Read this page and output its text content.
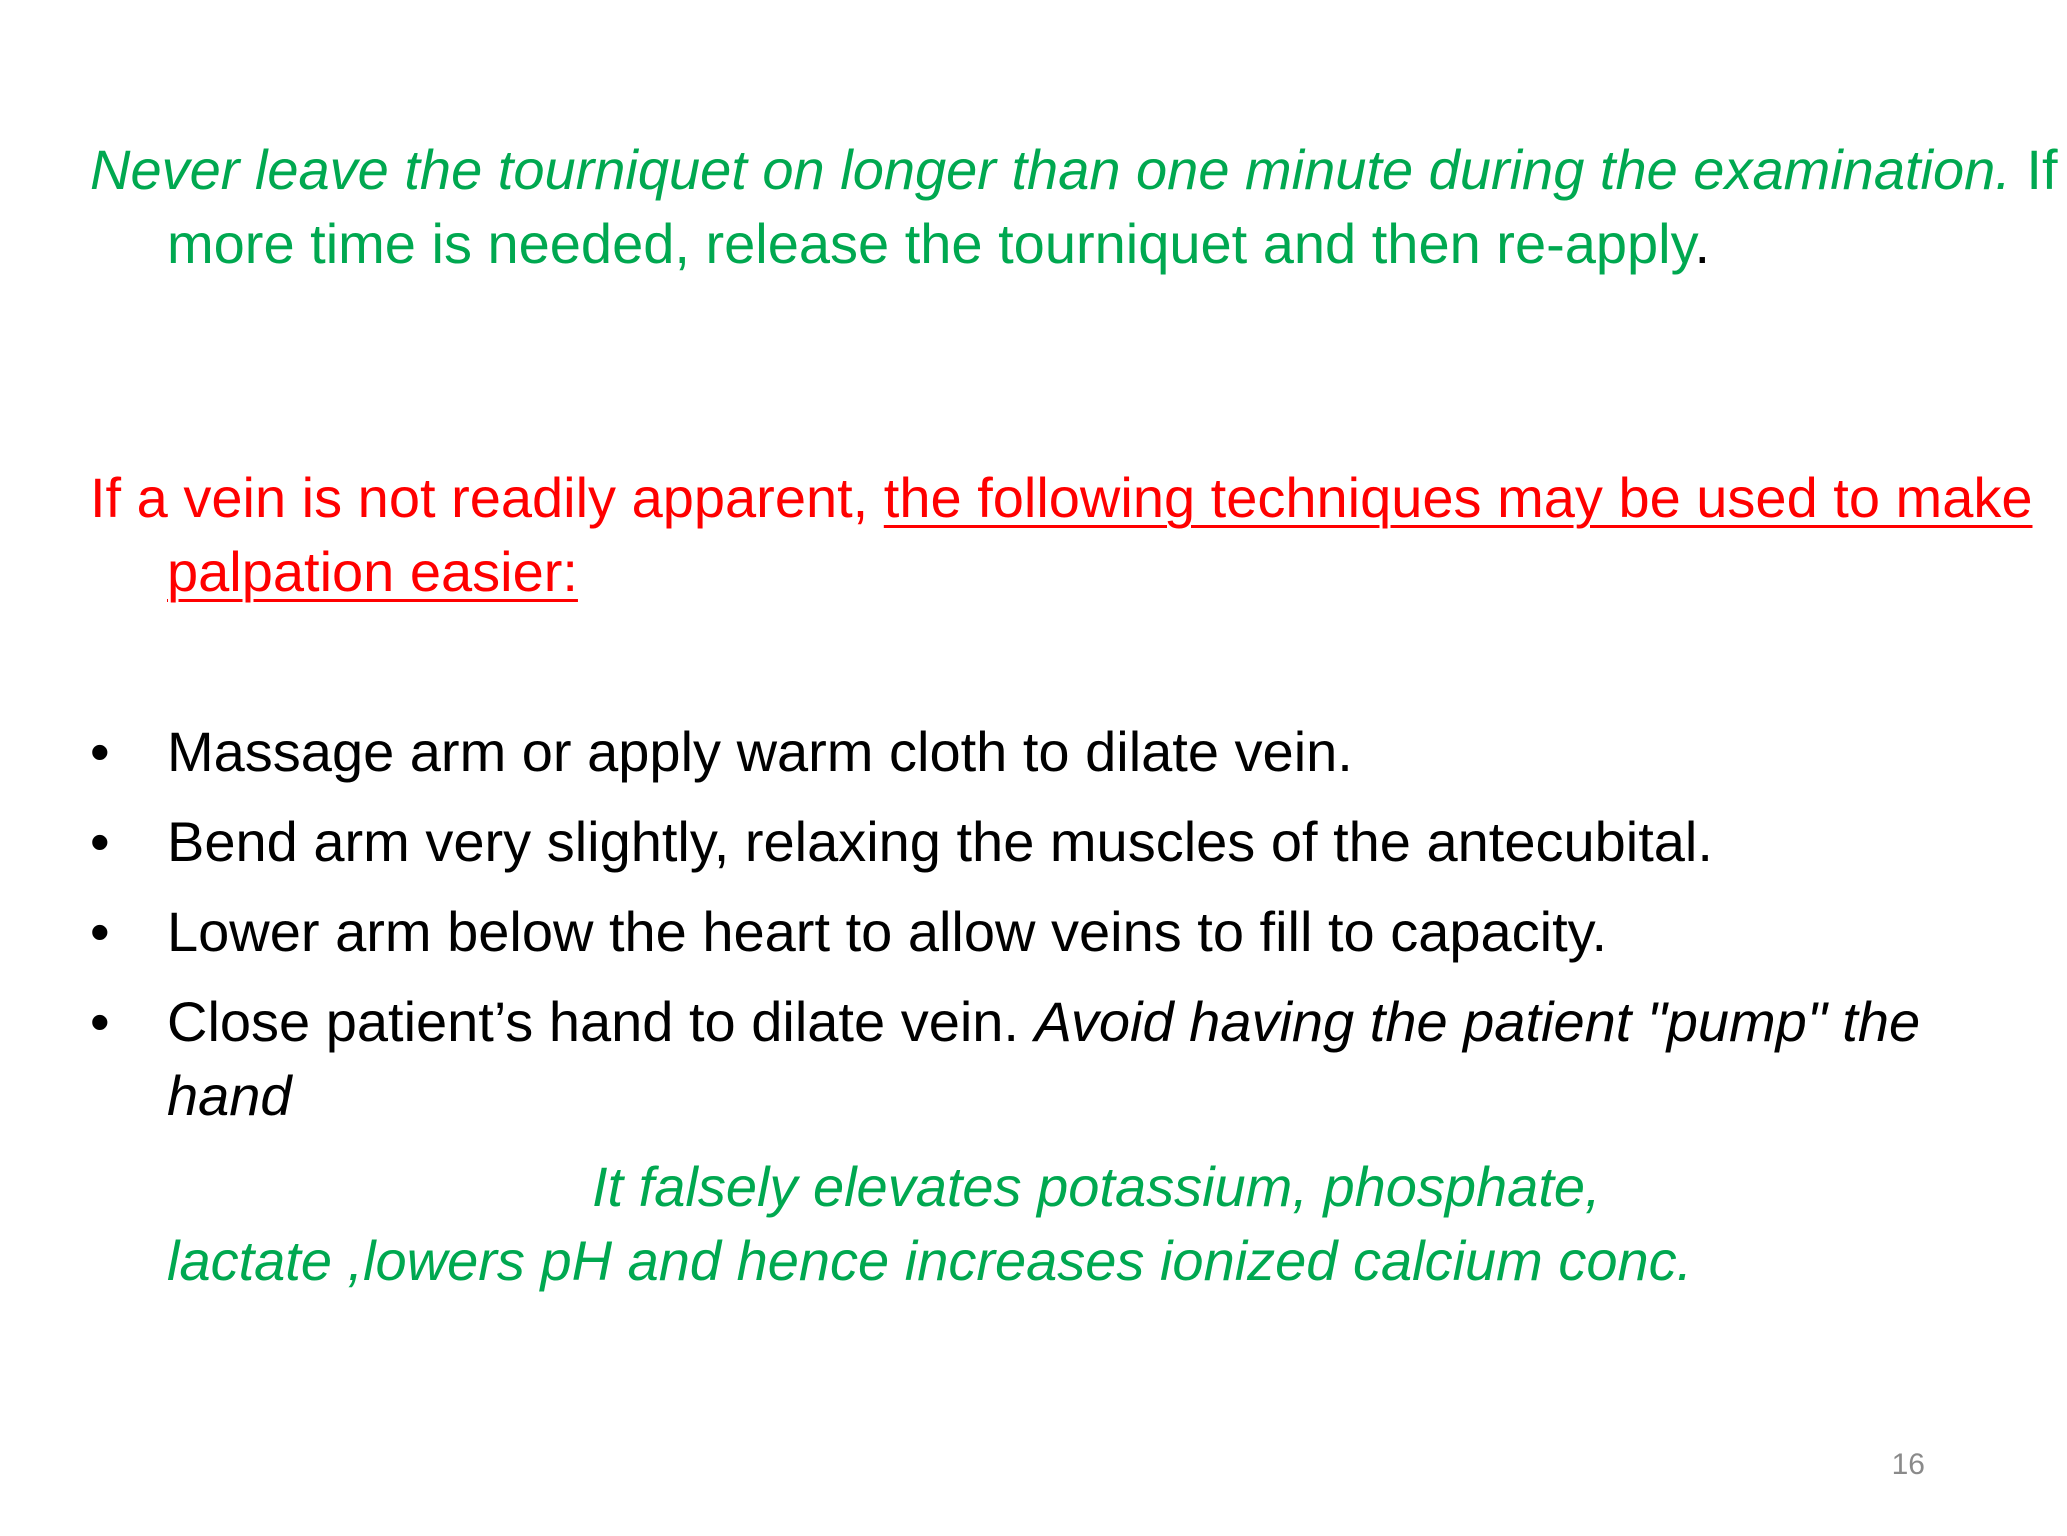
Never leave the tourniquet on longer than one minute during the examination. If more time is needed, release the tourniquet and then re-apply.
If a vein is not readily apparent, the following techniques may be used to make palpation easier:
•	Massage arm or apply warm cloth to dilate vein.
•	Bend arm very slightly, relaxing the muscles of the antecubital.
•	Lower arm below the heart to allow veins to fill to capacity.
•	Close patient’s hand to dilate vein. Avoid having the patient "pump" the hand
It falsely elevates potassium, phosphate,
lactate ,lowers pH and hence increases ionized calcium conc.
16
